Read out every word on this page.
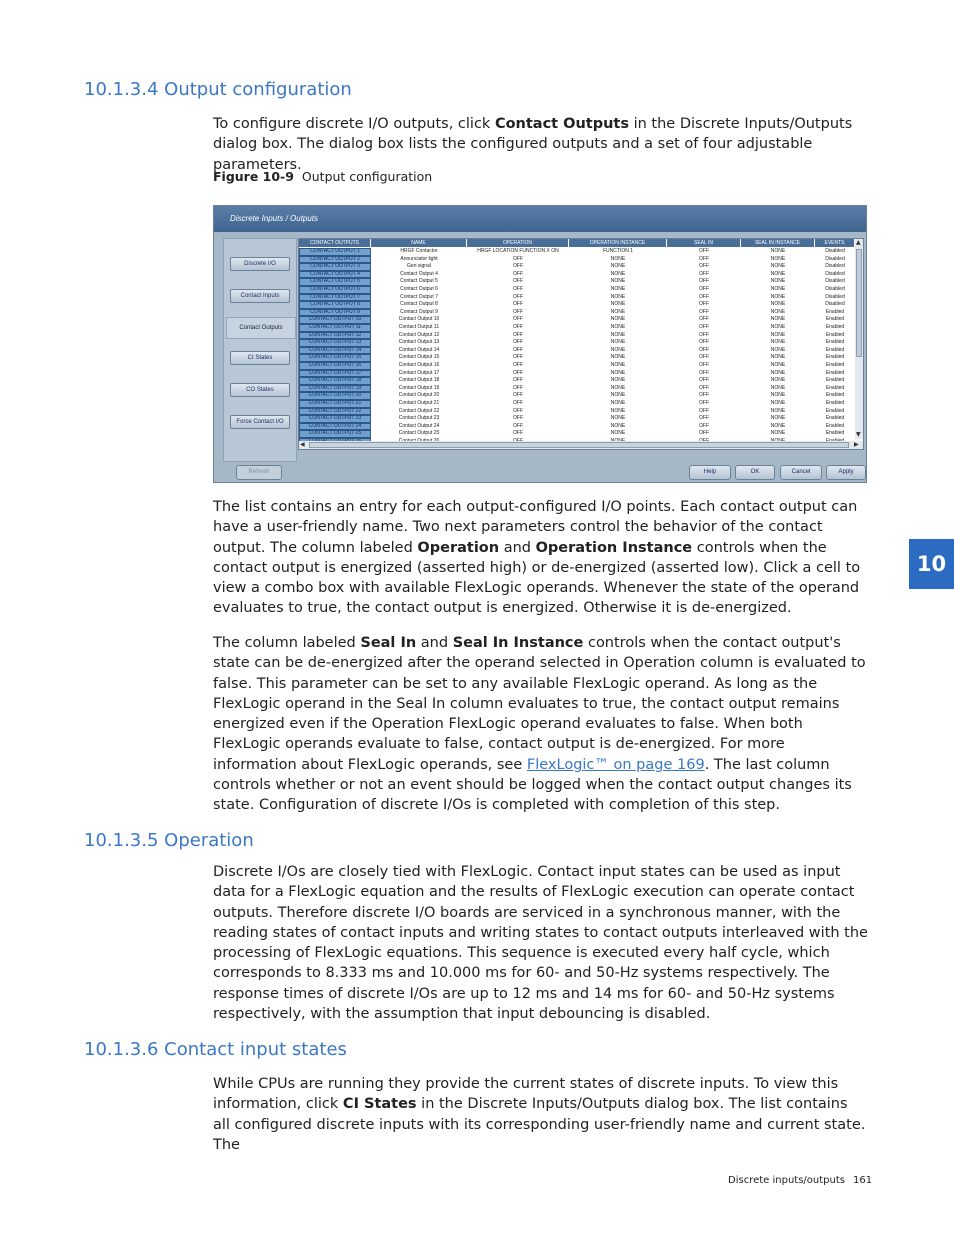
10.1.3.4 Output configuration

To configure discrete I/O outputs, click Contact Outputs in the Discrete Inputs/Outputs dialog box. The dialog box lists the configured outputs and a set of four adjustable parameters.

Figure 10-9 Output configuration
Discrete Inputs / Outputs
Discrete I/O
Contact Inputs
Contact Outputs
CI States
CO States
Force Contact I/O
CONTACT OUTPUTS	NAME	OPERATION	OPERATION INSTANCE	SEAL IN	SEAL IN INSTANCE	EVENTS
CONTACT OUTPUT 1	HRGF Contactor	HRGF LOCATION FUNCTION X ON	FUNCTION 1	OFF	NONE	Disabled
CONTACT OUTPUT 2	Annunciator light	OFF	NONE	OFF	NONE	Disabled
CONTACT OUTPUT 3	Gen signal	OFF	NONE	OFF	NONE	Disabled
CONTACT OUTPUT 4	Contact Output 4	OFF	NONE	OFF	NONE	Disabled
CONTACT OUTPUT 5	Contact Output 5	OFF	NONE	OFF	NONE	Disabled
CONTACT OUTPUT 6	Contact Output 6	OFF	NONE	OFF	NONE	Disabled
CONTACT OUTPUT 7	Contact Output 7	OFF	NONE	OFF	NONE	Disabled
CONTACT OUTPUT 8	Contact Output 8	OFF	NONE	OFF	NONE	Disabled
CONTACT OUTPUT 9	Contact Output 9	OFF	NONE	OFF	NONE	Enabled
CONTACT OUTPUT 10	Contact Output 10	OFF	NONE	OFF	NONE	Enabled
CONTACT OUTPUT 11	Contact Output 11	OFF	NONE	OFF	NONE	Enabled
CONTACT OUTPUT 12	Contact Output 12	OFF	NONE	OFF	NONE	Enabled
CONTACT OUTPUT 13	Contact Output 13	OFF	NONE	OFF	NONE	Enabled
CONTACT OUTPUT 14	Contact Output 14	OFF	NONE	OFF	NONE	Enabled
CONTACT OUTPUT 15	Contact Output 15	OFF	NONE	OFF	NONE	Enabled
CONTACT OUTPUT 16	Contact Output 16	OFF	NONE	OFF	NONE	Enabled
CONTACT OUTPUT 17	Contact Output 17	OFF	NONE	OFF	NONE	Enabled
CONTACT OUTPUT 18	Contact Output 18	OFF	NONE	OFF	NONE	Enabled
CONTACT OUTPUT 19	Contact Output 19	OFF	NONE	OFF	NONE	Enabled
CONTACT OUTPUT 20	Contact Output 20	OFF	NONE	OFF	NONE	Enabled
CONTACT OUTPUT 21	Contact Output 21	OFF	NONE	OFF	NONE	Enabled
CONTACT OUTPUT 22	Contact Output 22	OFF	NONE	OFF	NONE	Enabled
CONTACT OUTPUT 23	Contact Output 23	OFF	NONE	OFF	NONE	Enabled
CONTACT OUTPUT 24	Contact Output 24	OFF	NONE	OFF	NONE	Enabled
CONTACT OUTPUT 25	Contact Output 25	OFF	NONE	OFF	NONE	Enabled
▲
▼
◀	▶
Refresh	Help	OK	Cancel	Apply

The list contains an entry for each output-configured I/O points. Each contact output can have a user-friendly name. Two next parameters control the behavior of the contact output. The column labeled Operation and Operation Instance controls when the contact output is energized (asserted high) or de-energized (asserted low). Click a cell to view a combo box with available FlexLogic operands. Whenever the state of the operand evaluates to true, the contact output is energized. Otherwise it is de-energized.

The column labeled Seal In and Seal In Instance controls when the contact output's state can be de-energized after the operand selected in Operation column is evaluated to false. This parameter can be set to any available FlexLogic operand. As long as the FlexLogic operand in the Seal In column evaluates to true, the contact output remains energized even if the Operation FlexLogic operand evaluates to false. When both FlexLogic operands evaluate to false, contact output is de-energized. For more information about FlexLogic operands, see FlexLogic™ on page 169. The last column controls whether or not an event should be logged when the contact output changes its state. Configuration of discrete I/Os is completed with completion of this step.

10.1.3.5 Operation

Discrete I/Os are closely tied with FlexLogic. Contact input states can be used as input data for a FlexLogic equation and the results of FlexLogic execution can operate contact outputs. Therefore discrete I/O boards are serviced in a synchronous manner, with the reading states of contact inputs and writing states to contact outputs interleaved with the processing of FlexLogic equations. This sequence is executed every half cycle, which corresponds to 8.333 ms and 10.000 ms for 60- and 50-Hz systems respectively. The response times of discrete I/Os are up to 12 ms and 14 ms for 60- and 50-Hz systems respectively, with the assumption that input debouncing is disabled.

10.1.3.6 Contact input states

While CPUs are running they provide the current states of discrete inputs. To view this information, click CI States in the Discrete Inputs/Outputs dialog box. The list contains all configured discrete inputs with its corresponding user-friendly name and current state. The

10
Discrete inputs/outputs 161
